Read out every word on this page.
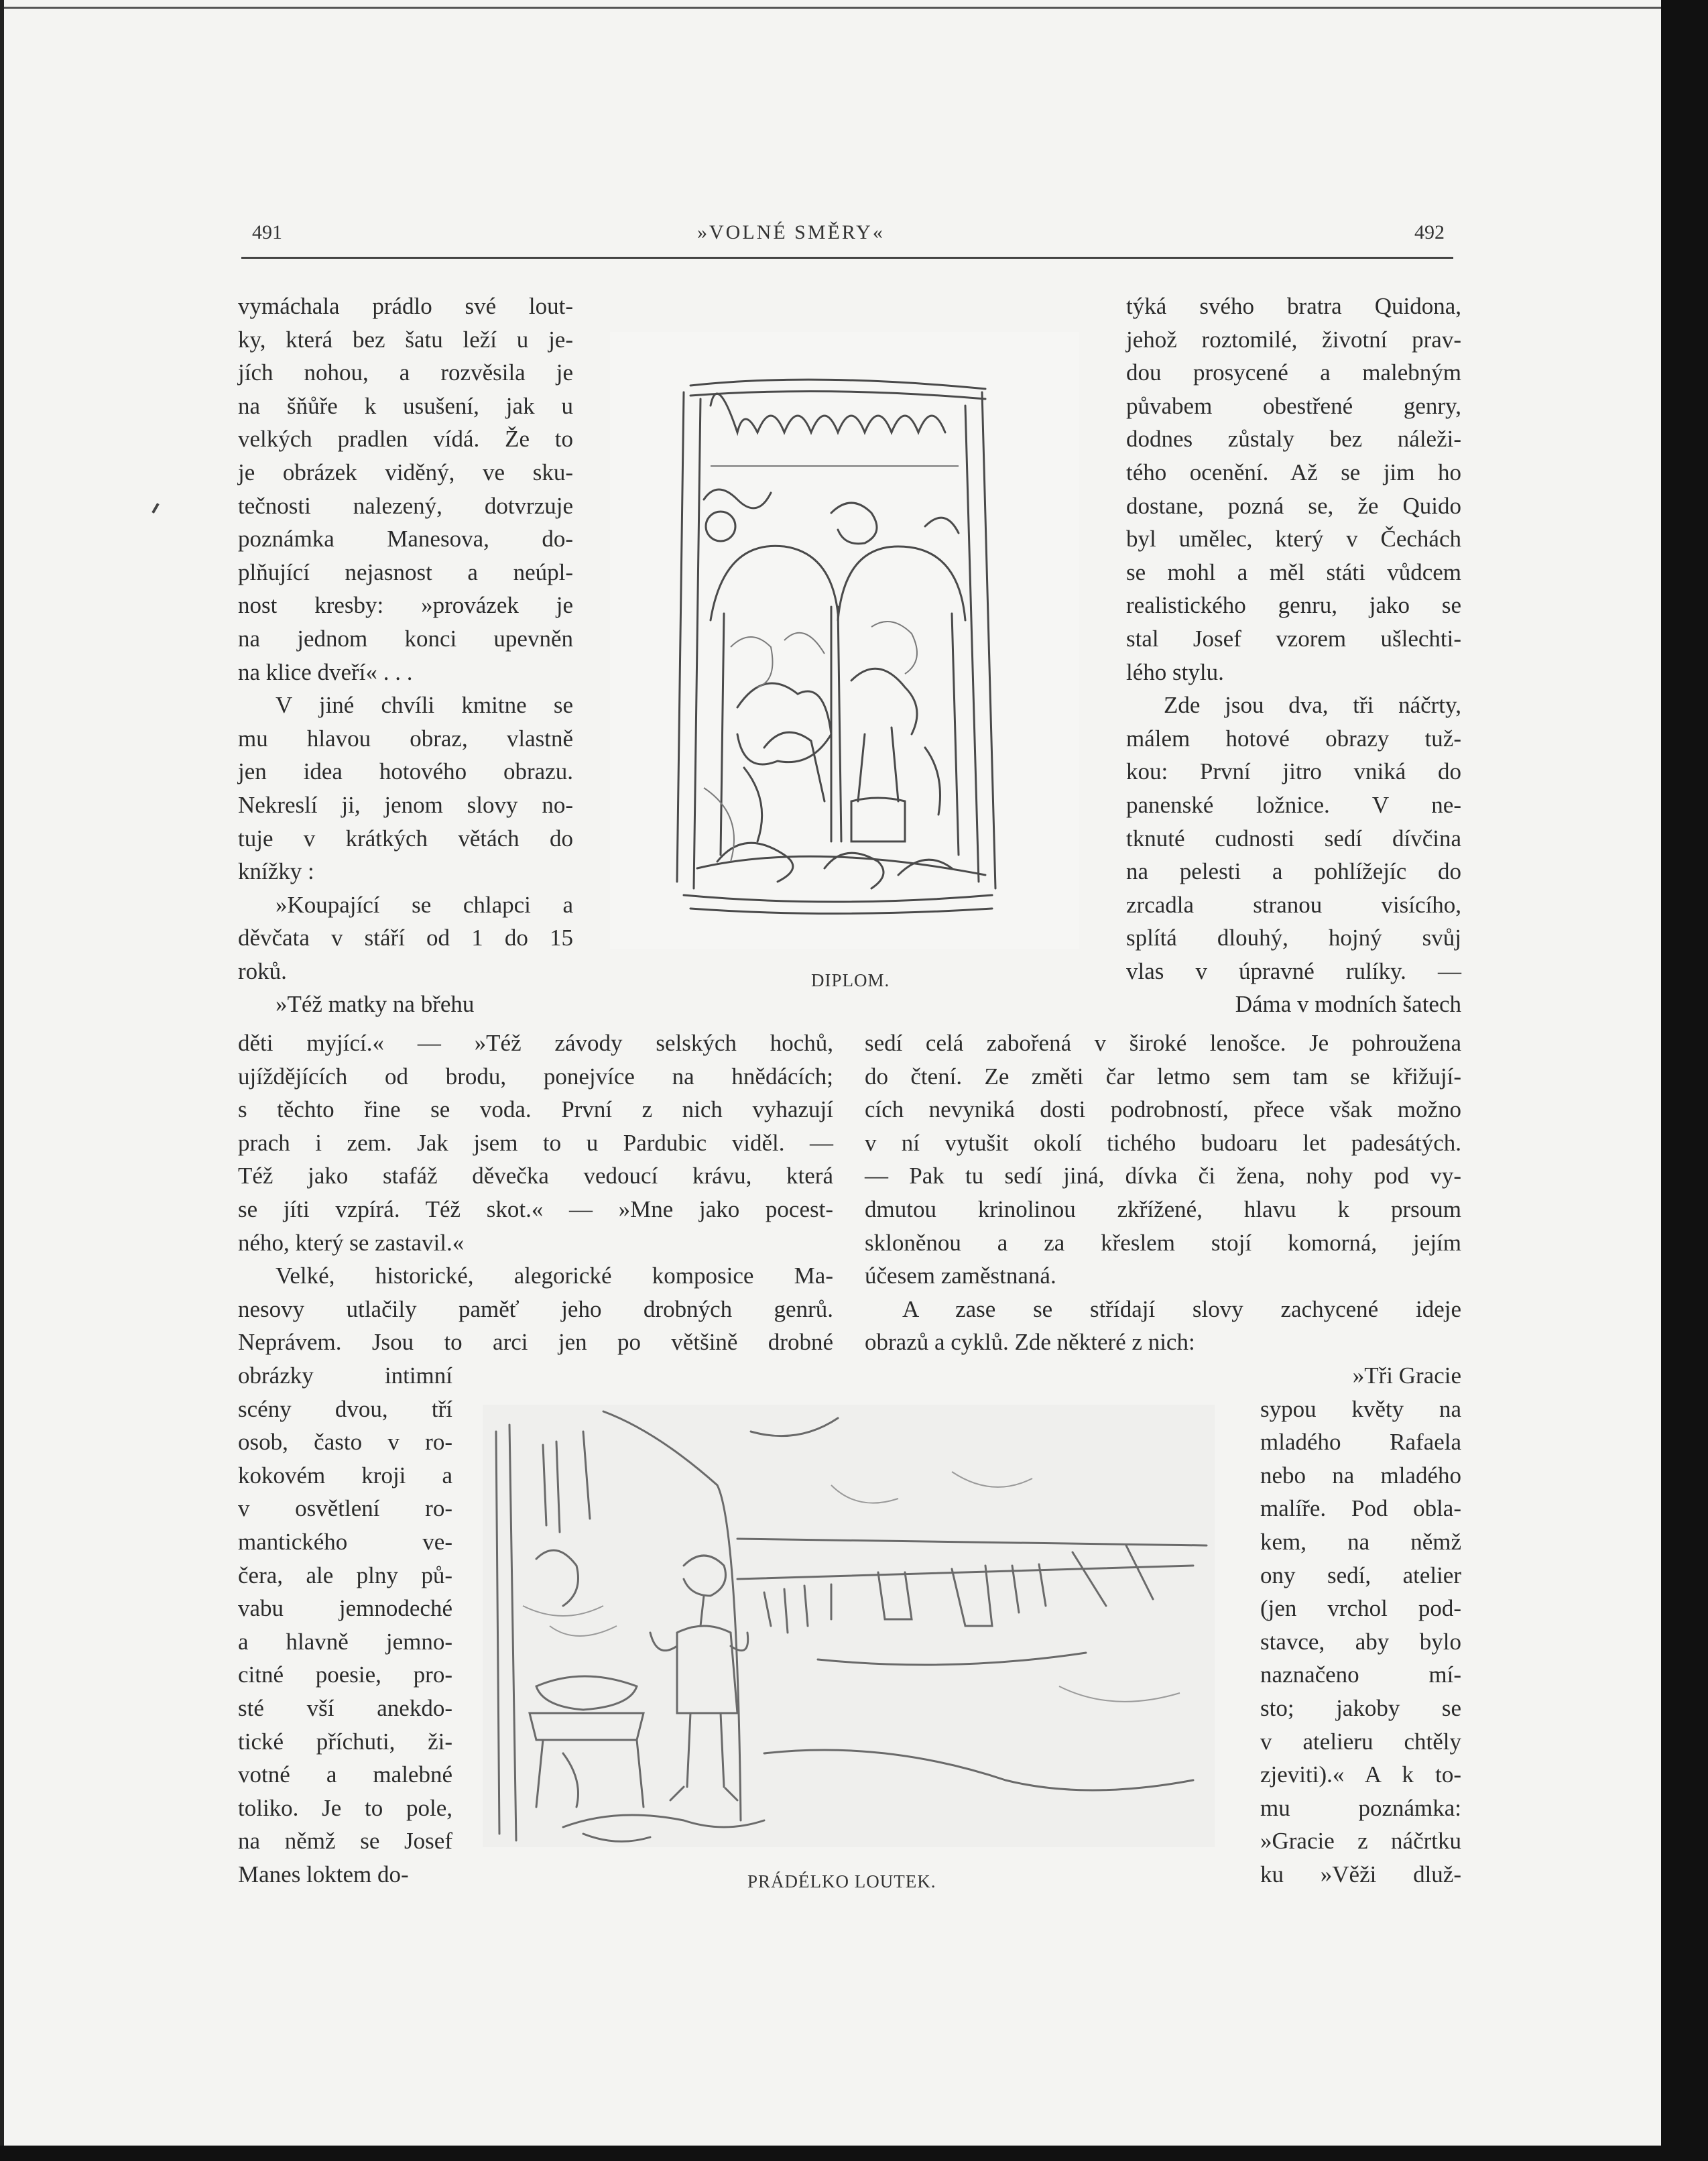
491	»VOLNÉ SMĚRY«	492
vymáchala prádlo své lout-
ky, která bez šatu leží u je-
jích nohou, a rozvěsila je
na šňůře k usušení, jak u
velkých pradlen vídá. Že to
je obrázek viděný, ve sku-
tečnosti nalezený, dotvrzuje
poznámka Manesova, do-
plňující nejasnost a neúpl-
nost kresby: »provázek je
na jednom konci upevněn
na klice dveří« . . .
V jiné chvíli kmitne se
mu hlavou obraz, vlastně
jen idea hotového obrazu.
Nekreslí ji, jenom slovy no-
tuje v krátkých větách do
knížky :
»Koupající se chlapci a
děvčata v stáří od 1 do 15
roků.
»Též matky na břehu
týká svého bratra Quidona,
jehož roztomilé, životní prav-
dou prosycené a malebným
půvabem obestřené genry,
dodnes zůstaly bez náleži-
tého ocenění. Až se jim ho
dostane, pozná se, že Quido
byl umělec, který v Čechách
se mohl a měl státi vůdcem
realistického genru, jako se
stal Josef vzorem ušlechti-
lého stylu.
Zde jsou dva, tři náčrty,
málem hotové obrazy tuž-
kou: První jitro vniká do
panenské ložnice. V ne-
tknuté cudnosti sedí dívčina
na pelesti a pohlížejíc do
zrcadla stranou visícího,
splítá dlouhý, hojný svůj
vlas v úpravné rulíky. —
Dáma v modních šatech
děti myjící.« — »Též závody selských hochů,
ujíždějících od brodu, ponejvíce na hnědácích;
s těchto řine se voda. První z nich vyhazují
prach i zem. Jak jsem to u Pardubic viděl. —
Též jako stafáž děvečka vedoucí krávu, která
se jíti vzpírá. Též skot.« — »Mne jako pocest-
ného, který se zastavil.«
Velké, historické, alegorické komposice Ma-
nesovy utlačily paměť jeho drobných genrů.
Neprávem. Jsou to arci jen po většině drobné
sedí celá zabořená v široké lenošce. Je pohroužena
do čtení. Ze změti čar letmo sem tam se křižují-
cích nevyniká dosti podrobností, přece však možno
v ní vytušit okolí tichého budoaru let padesátých.
— Pak tu sedí jiná, dívka či žena, nohy pod vy-
dmutou krinolinou zkřížené, hlavu k prsoum
skloněnou a za křeslem stojí komorná, jejím
účesem zaměstnaná.
A zase se střídají slovy zachycené ideje
obrazů a cyklů. Zde některé z nich:
obrázky intimní
scény dvou, tří
osob, často v ro-
kokovém kroji a
v osvětlení ro-
mantického ve-
čera, ale plny pů-
vabu jemnodeché
a hlavně jemno-
citné poesie, pro-
sté vší anekdo-
tické příchuti, ži-
votné a malebné
toliko. Je to pole,
na němž se Josef
Manes loktem do-
»Tři Gracie
sypou květy na
mladého Rafaela
nebo na mladého
malíře. Pod obla-
kem, na němž
ony sedí, atelier
(jen vrchol pod-
stavce, aby bylo
naznačeno mí-
sto; jakoby se
v atelieru chtěly
zjeviti).« A k to-
mu poznámka:
»Gracie z náčrtku
ku »Věži dluž-
DIPLOM.
PRÁDÉLKO LOUTEK.
